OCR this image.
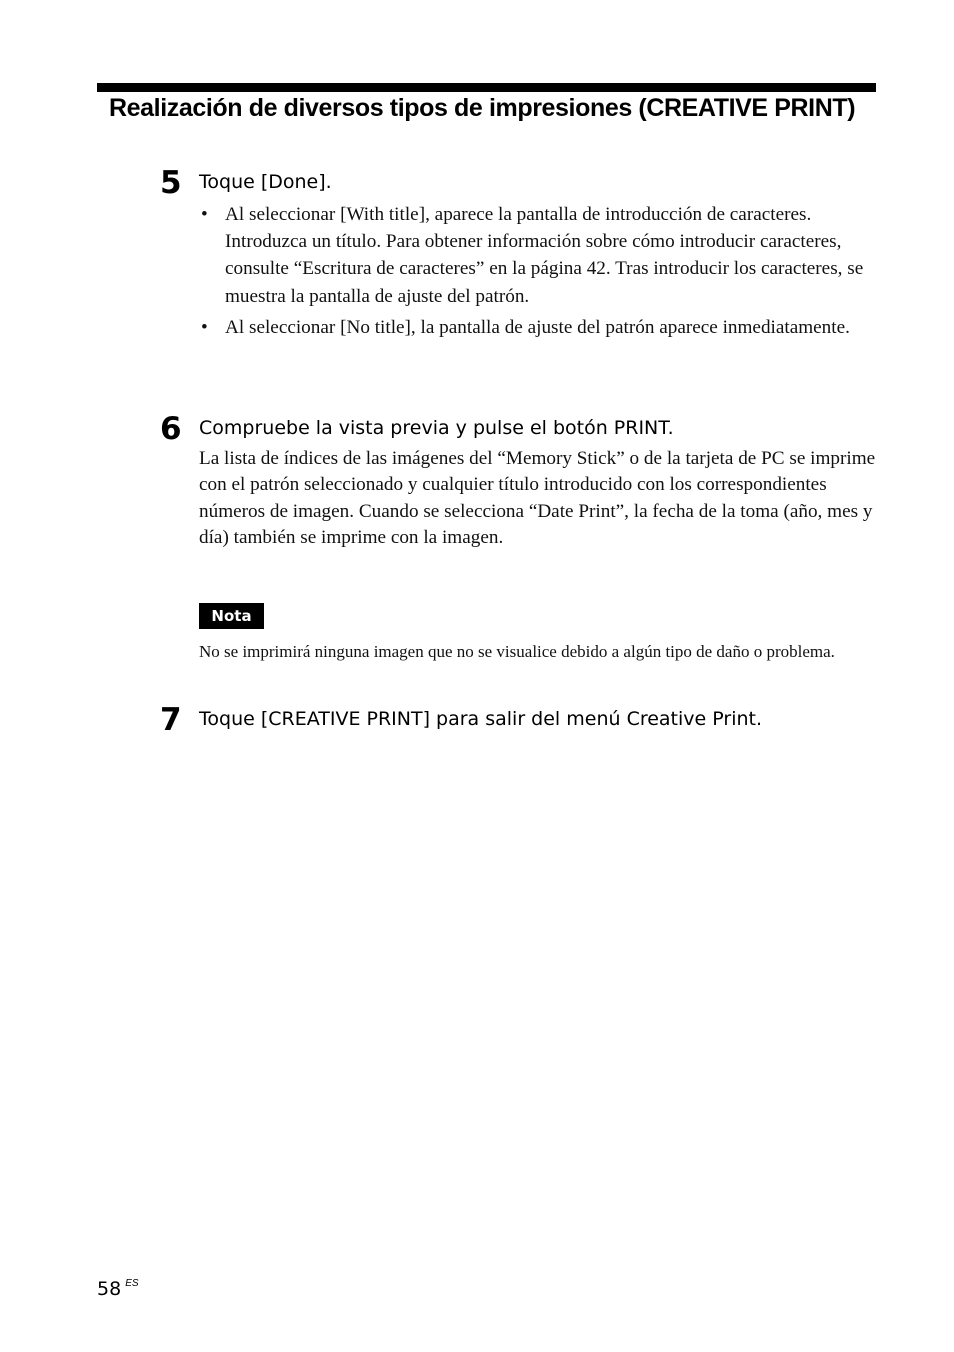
Realización de diversos tipos de impresiones (CREATIVE PRINT)
5 Toque [Done].
• Al seleccionar [With title], aparece la pantalla de introducción de caracteres. Introduzca un título. Para obtener información sobre cómo introducir caracteres, consulte “Escritura de caracteres” en la página 42. Tras introducir los caracteres, se muestra la pantalla de ajuste del patrón.
• Al seleccionar [No title], la pantalla de ajuste del patrón aparece inmediatamente.
6 Compruebe la vista previa y pulse el botón PRINT.

La lista de índices de las imágenes del “Memory Stick” o de la tarjeta de PC se imprime con el patrón seleccionado y cualquier título introducido con los correspondientes números de imagen. Cuando se selecciona “Date Print”, la fecha de la toma (año, mes y día) también se imprime con la imagen.

Nota

No se imprimirá ninguna imagen que no se visualice debido a algún tipo de daño o problema.

7 Toque [CREATIVE PRINT] para salir del menú Creative Print.
58 $^{ES}$
